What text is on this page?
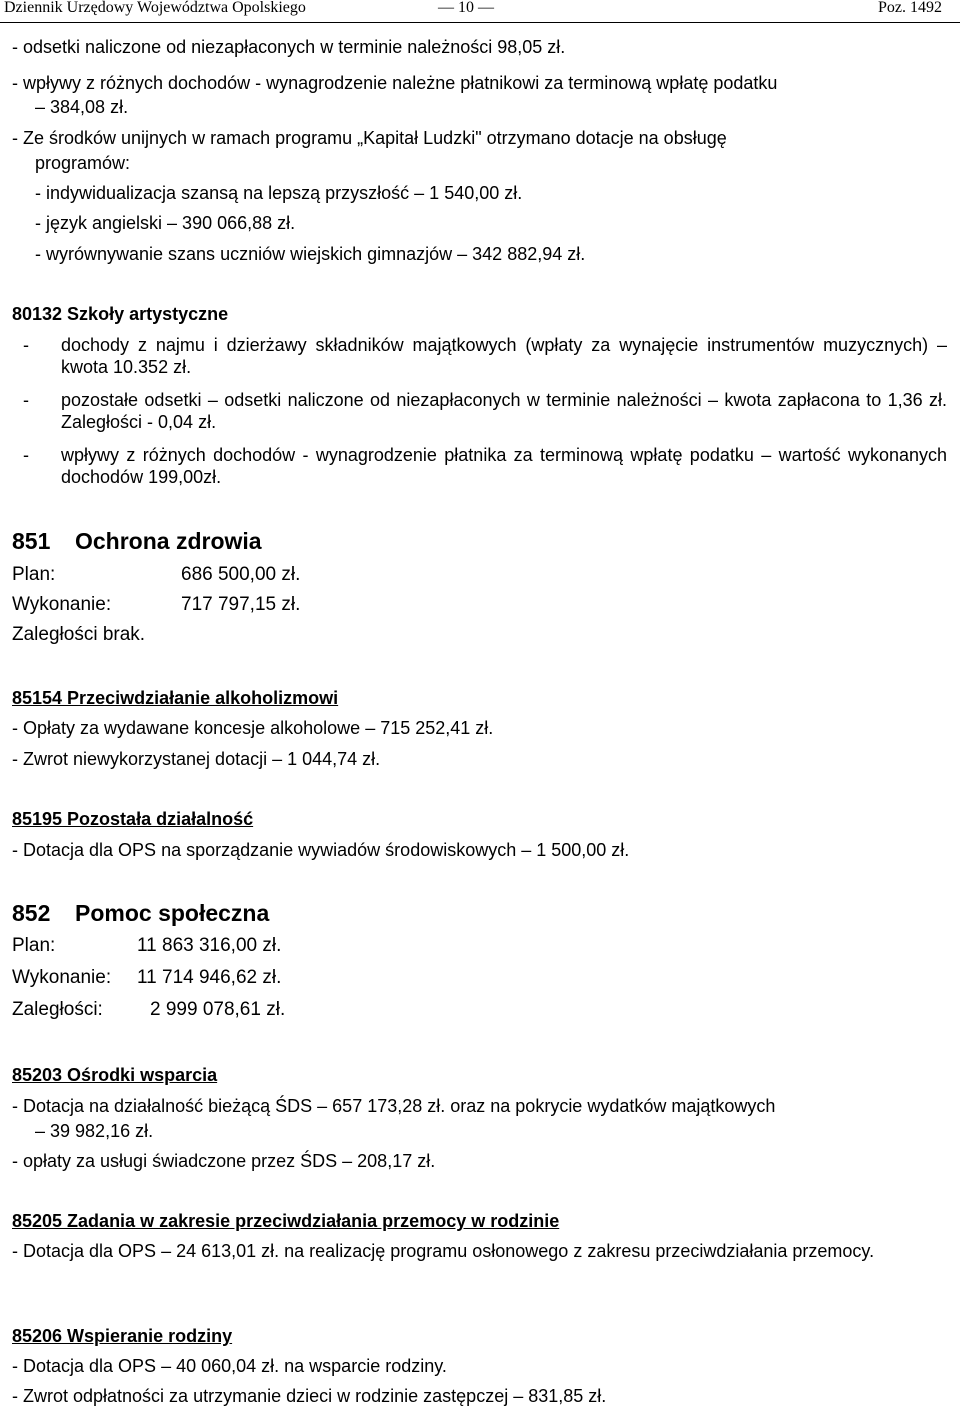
Dziennik Urzędowy Województwa Opolskiego	— 10 —	Poz. 1492
- odsetki naliczone od niezapłaconych w terminie należności 98,05 zł.
- wpływy z różnych dochodów - wynagrodzenie należne płatnikowi za terminową wpłatę podatku
– 384,08 zł.
- Ze środków unijnych w ramach programu „Kapitał Ludzki" otrzymano dotacje na obsługę
programów:
- indywidualizacja szansą na lepszą przyszłość – 1 540,00 zł.
- język angielski – 390 066,88 zł.
- wyrównywanie szans uczniów wiejskich gimnazjów – 342 882,94 zł.
80132 Szkoły artystyczne
- dochody z najmu i dzierżawy składników majątkowych (wpłaty za wynajęcie instrumentów muzycznych) – kwota 10.352 zł.
- pozostałe odsetki – odsetki naliczone od niezapłaconych w terminie należności – kwota zapłacona to 1,36 zł. Zaległości - 0,04 zł.
- wpływy z różnych dochodów - wynagrodzenie płatnika za terminową wpłatę podatku – wartość wykonanych dochodów 199,00zł.
851 Ochrona zdrowia
Plan:	686 500,00 zł.
Wykonanie:	717 797,15 zł.
Zaległości brak.
85154 Przeciwdziałanie alkoholizmowi
- Opłaty za wydawane koncesje alkoholowe – 715 252,41 zł.
- Zwrot niewykorzystanej dotacji – 1 044,74 zł.
85195 Pozostała działalność
- Dotacja dla OPS na sporządzanie wywiadów środowiskowych – 1 500,00 zł.
852 Pomoc społeczna
Plan:	11 863 316,00 zł.
Wykonanie: 11 714 946,62 zł.
Zaległości: 2 999 078,61 zł.
85203 Ośrodki wsparcia
- Dotacja na działalność bieżącą ŚDS – 657 173,28 zł. oraz na pokrycie wydatków majątkowych
– 39 982,16 zł.
- opłaty za usługi świadczone przez ŚDS – 208,17 zł.
85205 Zadania w zakresie przeciwdziałania przemocy w rodzinie
- Dotacja dla OPS – 24 613,01 zł. na realizację programu osłonowego z zakresu przeciwdziałania przemocy.
85206 Wspieranie rodziny
- Dotacja dla OPS – 40 060,04 zł. na wsparcie rodziny.
- Zwrot odpłatności za utrzymanie dzieci w rodzinie zastępczej – 831,85 zł.
